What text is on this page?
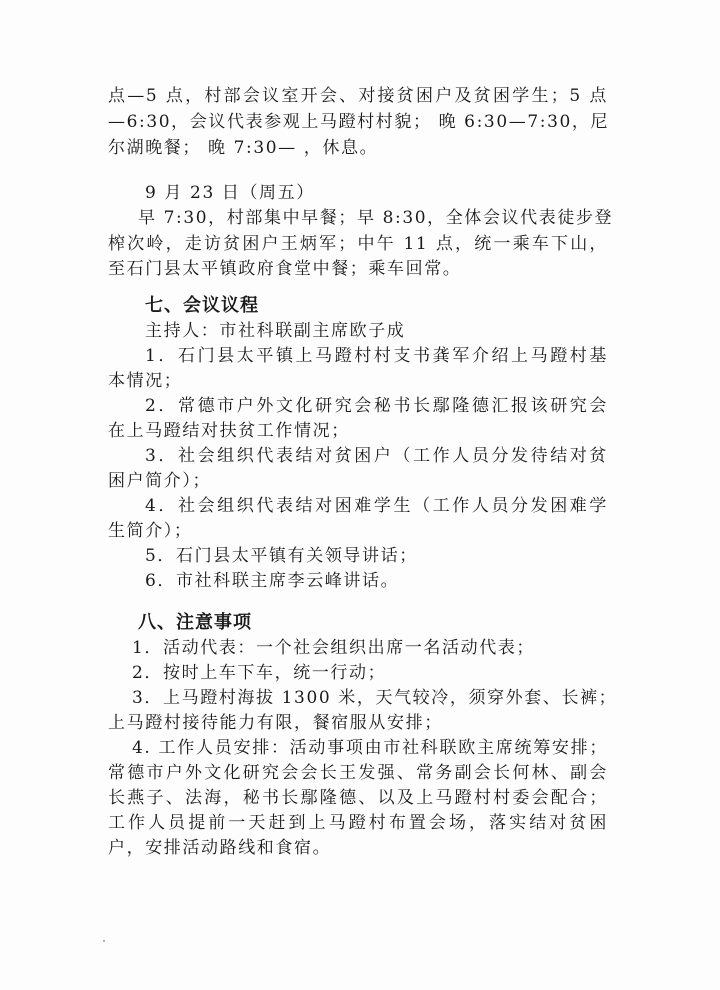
点—5 点，村部会议室开会、对接贫困户及贫困学生；5 点
—6:30，会议代表参观上马蹬村村貌； 晚 6:30—7:30，尼
尔湖晚餐； 晚 7:30— ，休息。
9 月 23 日（周五）
早 7:30，村部集中早餐；早 8:30，全体会议代表徒步登
榨次岭，走访贫困户王炳军；中午 11 点，统一乘车下山，
至石门县太平镇政府食堂中餐；乘车回常。
七、会议议程
主持人：市社科联副主席欧子成
1．石门县太平镇上马蹬村村支书龚军介绍上马蹬村基
本情况；
2．常德市户外文化研究会秘书长鄢隆德汇报该研究会
在上马蹬结对扶贫工作情况；
3．社会组织代表结对贫困户（工作人员分发待结对贫
困户简介）；
4．社会组织代表结对困难学生（工作人员分发困难学
生简介）；
5．石门县太平镇有关领导讲话；
6．市社科联主席李云峰讲话。
八、注意事项
1．活动代表：一个社会组织出席一名活动代表；
2．按时上车下车，统一行动；
3．上马蹬村海拔 1300 米，天气较冷，须穿外套、长裤；
上马蹬村接待能力有限，餐宿服从安排；
4. 工作人员安排：活动事项由市社科联欧主席统筹安排；
常德市户外文化研究会会长王发强、常务副会长何林、副会
长燕子、法海，秘书长鄢隆德、以及上马蹬村村委会配合；
工作人员提前一天赶到上马蹬村布置会场，落实结对贫困
户，安排活动路线和食宿。
